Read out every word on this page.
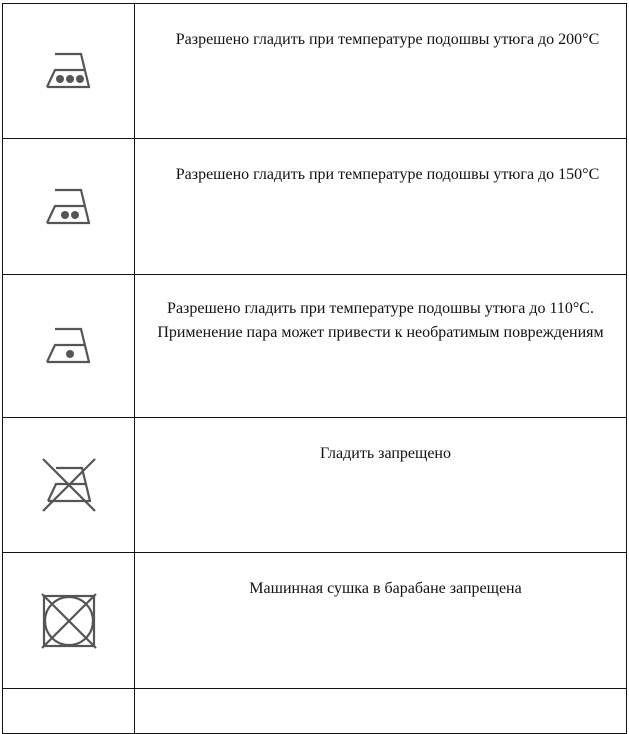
Разрешено гладить при температуре подошвы утюга до 200°C

Разрешено гладить при температуре подошвы утюга до 150°C

Разрешено гладить при температуре подошвы утюга до 110°C. Применение пара может привести к необратимым повреждениям

Гладить запрещено

Машинная сушка в барабане запрещена
